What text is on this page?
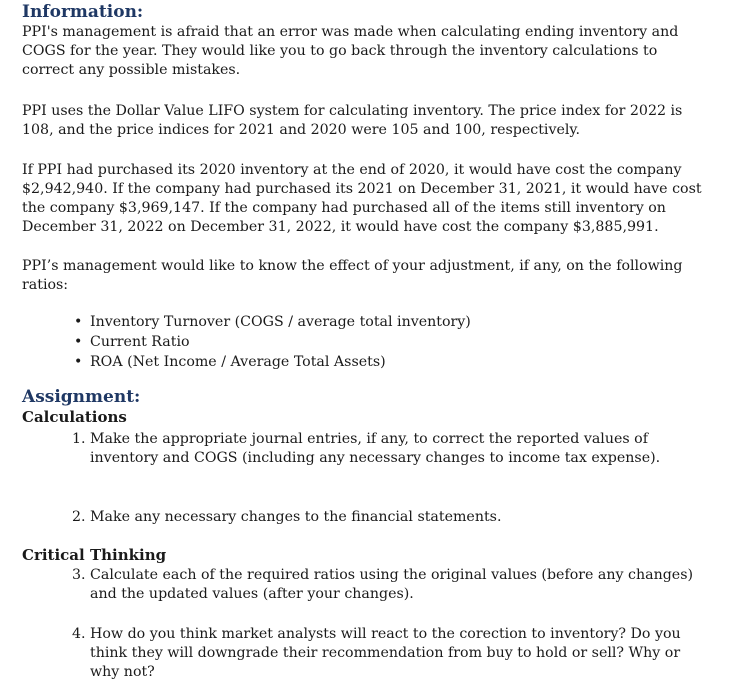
Information:

PPI's management is afraid that an error was made when calculating ending inventory and COGS for the year. They would like you to go back through the inventory calculations to correct any possible mistakes.

PPI uses the Dollar Value LIFO system for calculating inventory. The price index for 2022 is 108, and the price indices for 2021 and 2020 were 105 and 100, respectively.

If PPI had purchased its 2020 inventory at the end of 2020, it would have cost the company $2,942,940. If the company had purchased its 2021 on December 31, 2021, it would have cost the company $3,969,147. If the company had purchased all of the items still inventory on December 31, 2022 on December 31, 2022, it would have cost the company $3,885,991.

PPI’s management would like to know the effect of your adjustment, if any, on the following ratios:

• Inventory Turnover (COGS / average total inventory)
• Current Ratio
• ROA (Net Income / Average Total Assets)
Assignment:
Calculations
1. Make the appropriate journal entries, if any, to correct the reported values of inventory and COGS (including any necessary changes to income tax expense).
2. Make any necessary changes to the financial statements.
Critical Thinking
3. Calculate each of the required ratios using the original values (before any changes) and the updated values (after your changes).
4. How do you think market analysts will react to the corection to inventory? Do you think they will downgrade their recommendation from buy to hold or sell? Why or why not?
